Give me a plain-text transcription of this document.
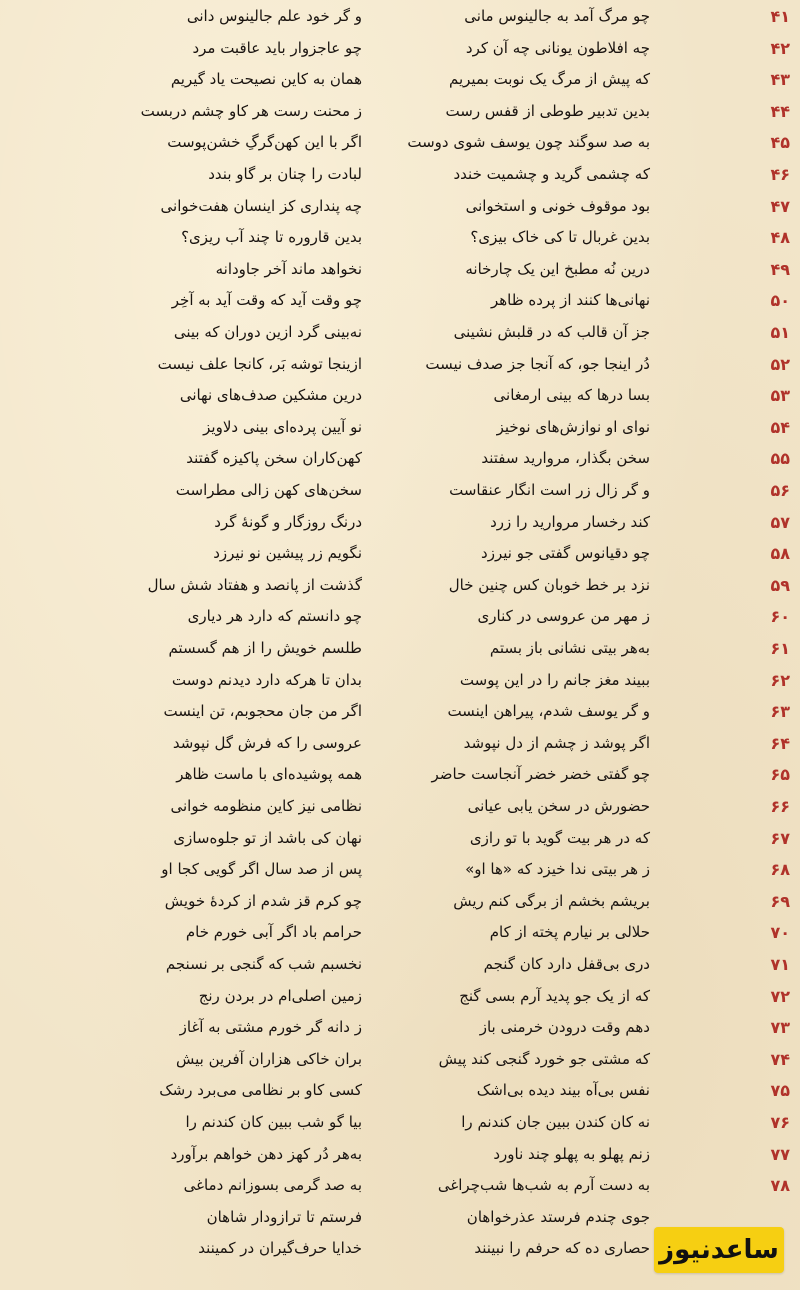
۴۱
و گر خود علم جالینوس دانی	چو مرگ آمد به جالینوس مانی
۴۲
چو عاجزوار باید عاقبت مرد	چه افلاطون یونانی چه آن کرد
۴۳
همان به کاین نصیحت یاد گیریم	که پیش از مرگ یک نوبت بمیریم
۴۴
ز محنت رست هر کاو چشم دربست	بدین تدبیر طوطی از قفس رست
۴۵
اگر با این کهن‌گرگِ خشن‌پوست	به صد سوگند چون یوسف شوی دوست
۴۶
لبادت را چنان بر گاو بندد	که چشمی گرید و چشمیت خندد
۴۷
چه پنداری کز اینسان هفت‌خوانی	بود موقوف خونی و استخوانی
۴۸
بدین قاروره تا چند آب ریزی؟	بدین غربال تا کی خاک بیزی؟
۴۹
نخواهد ماند آخر جاودانه	درین نُه مطبخ این یک چارخانه
۵۰
چو وقت آید که وقت آید به آخِر	نهانی‌ها کنند از پرده ظاهر
۵۱
نه‌بینی گرد ازین دوران که بینی	جز آن قالب که در قلبش نشینی
۵۲
ازینجا توشه بَر، کانجا علف نیست	دُر اینجا جو، که آنجا جز صدف نیست
۵۳
درین مشکین صدف‌های نهانی	بسا درها که بینی ارمغانی
۵۴
نو آیین پرده‌ای بینی دلاویز	نوای او نوازش‌های نوخیز
۵۵
کهن‌کاران سخن پاکیزه گفتند	سخن بگذار، مروارید سفتند
۵۶
سخن‌های کهن زالی مطراست	و گر زال زر است انگار عنقاست
۵۷
درنگ روزگار و گونهٔ گرد	کند رخسار مروارید را زرد
۵۸
نگویم زر پیشین نو نیرزد	چو دقیانوس گفتی جو نیرزد
۵۹
گذشت از پانصد و هفتاد شش سال	نزد بر خط خوبان کس چنین خال
۶۰
چو دانستم که دارد هر دیاری	ز مهر من عروسی در کناری
۶۱
طلسم خویش را از هم گسستم	به‌هر بیتی نشانی باز بستم
۶۲
بدان تا هرکه دارد دیدنم دوست	ببیند مغز جانم را در این پوست
۶۳
اگر من جان محجوبم، تن اینست	و گر یوسف شدم، پیراهن اینست
۶۴
عروسی را که فرش گل نپوشد	اگر پوشد ز چشم از دل نپوشد
۶۵
همه پوشیده‌ای با ماست ظاهر	چو گفتی خضر خضر آنجاست حاضر
۶۶
نظامی نیز کاین منظومه خوانی	حضورش در سخن یابی عیانی
۶۷
نهان کی باشد از تو جلوه‌سازی	که در هر بیت گوید با تو رازی
۶۸
پس از صد سال اگر گویی کجا او	ز هر بیتی ندا خیزد که «ها او»
۶۹
چو کرم قز شدم از کردهٔ خویش	بریشم بخشم از برگی کنم ریش
۷۰
حرامم باد اگر آبی خورم خام	حلالی بر نیارم پخته از کام
۷۱
نخسبم شب که گنجی بر نسنجم	دری بی‌قفل دارد کان گنجم
۷۲
زمین اصلی‌ام در بردن رنج	که از یک جو پدید آرم بسی گنج
۷۳
ز دانه گر خورم مشتی به آغاز	دهم وقت درودن خرمنی باز
۷۴
بران خاکی هزاران آفرین بیش	که مشتی جو خورد گنجی کند پیش
۷۵
کسی کاو بر نظامی می‌برد رشک	نفس بی‌آه بیند دیده بی‌اشک
۷۶
بیا گو شب ببین کان کندنم را	نه کان کندن ببین جان کندنم را
۷۷
به‌هر دُر کهز دهن خواهم برآورد	زنم پهلو به پهلو چند ناورد
۷۸
به صد گرمی بسوزانم دماغی	به دست آرم به شب‌ها شب‌چراغی
فرستم تا ترازودار شاهان	جوی چندم فرستد عذرخواهان
خدایا حرف‌گیران در کمینند	حصاری ده که حرفم را نبینند ساعدنیوز
